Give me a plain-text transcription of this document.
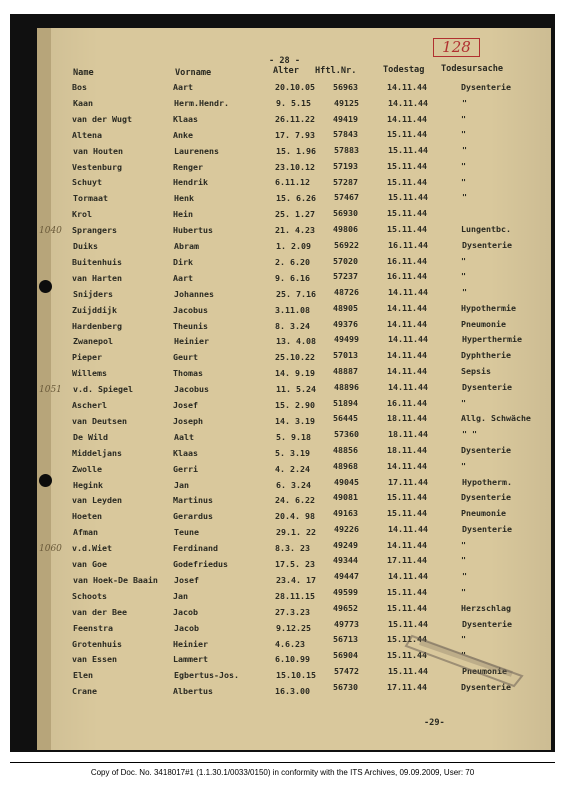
128
- 28 -
Name	Vorname	Alter Hftl.Nr.	Todestag Todesursache
Bos	Aart	20.10.05 56963	14.11.44	Dysenterie
Kaan	Herm.Hendr.	9. 5.15	49125	14.11.44	"
van der Wugt	Klaas	26.11.22 49419	14.11.44	"
Altena	Anke	17. 7.93 57843	15.11.44	"
van Houten	Laurenens	15. 1.96 57883	15.11.44	"
Vestenburg	Renger	23.10.12 57193	15.11.44	"
Schuyt	Hendrik	6.11.12	57287	15.11.44	"
Tormaat	Henk	15. 6.26 57467	15.11.44	"
Krol	Hein	25. 1.27 56930	15.11.44
1040 Sprangers	Hubertus	21. 4.23 49806	15.11.44	Lungentbc.
Duiks	Abram	1. 2.09	56922	16.11.44	Dysenterie
Buitenhuis	Dirk	2. 6.20	57020	16.11.44	"
van Harten	Aart	9. 6.16	57237	16.11.44	"
Snijders	Johannes	25. 7.16 48726	14.11.44	"
Zuijddijk	Jacobus	3.11.08	48905	14.11.44	Hypothermie
Hardenberg	Theunis	8. 3.24	49376	14.11.44	Pneumonie
Zwanepol	Heinier	13. 4.08 49499	14.11.44	Hyperthermie
Pieper	Geurt	25.10.22 57013	14.11.44	Dyphtherie
Willems	Thomas	14. 9.19 48887	14.11.44	Sepsis
1051 v.d. Spiegel	Jacobus	11. 5.24 48896	14.11.44	Dysenterie
Ascherl	Josef	15. 2.90 51894	16.11.44	"
van Deutsen	Joseph	14. 3.19 56445	18.11.44	Allg. Schwäche
De Wild	Aalt	5. 9.18	57360	18.11.44	" "
Middeljans	Klaas	5. 3.19	48856	18.11.44	Dysenterie
Zwolle	Gerri	4. 2.24	48968	14.11.44	"
Hegink	Jan	6. 3.24	49045	17.11.44	Hypotherm.
van Leyden	Martinus	24. 6.22 49081	15.11.44	Dysenterie
Hoeten	Gerardus	20.4. 98 49163	15.11.44	Pneumonie
Afman	Teune	29.1. 22 49226	14.11.44	Dysenterie
1060 v.d.Wiet	Ferdinand	8.3. 23	49249	14.11.44	"
van Goe	Godefriedus	17.5. 23 49344	17.11.44	"
van Hoek-De Baain Josef	23.4. 17 49447	14.11.44	"
Schoots	Jan	28.11.15 49599	15.11.44	"
van der Bee	Jacob	27.3.23	49652	15.11.44	Herzschlag
Feenstra	Jacob	9.12.25	49773	15.11.44	Dysenterie
Grotenhuis	Heinier	4.6.23	56713	15.11.44	"
van Essen	Lammert	6.10.99	56904	15.11.44	"
Elen	Egbertus-Jos.	15.10.15 57472	15.11.44	Pneumonie
Crane	Albertus	16.3.00	56730	17.11.44	Dysenterie
-29-
Copy of Doc. No. 3418017#1 (1.1.30.1/0033/0150) in conformity with the ITS Archives, 09.09.2009, User: 70
